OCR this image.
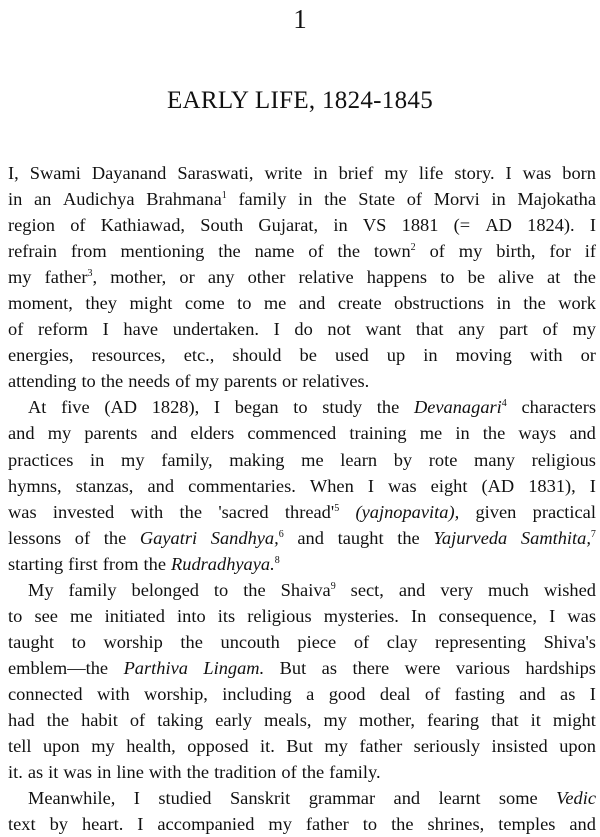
1
EARLY LIFE, 1824-1845
I, Swami Dayanand Saraswati, write in brief my life story. I was born
in an Audichya Brahmana$^1$ family in the State of Morvi in Majokatha
region of Kathiawad, South Gujarat, in VS 1881 (= AD 1824). I
refrain from mentioning the name of the town$^2$ of my birth, for if
my father$^3$, mother, or any other relative happens to be alive at the
moment, they might come to me and create obstructions in the work
of reform I have undertaken. I do not want that any part of my
energies, resources, etc., should be used up in moving with or
attending to the needs of my parents or relatives.
At five (AD 1828), I began to study the Devanagari$^4$ characters
and my parents and elders commenced training me in the ways and
practices in my family, making me learn by rote many religious
hymns, stanzas, and commentaries. When I was eight (AD 1831), I
was invested with the 'sacred $thread'^5$ (yajnopavita), given practical
lessons of the Gayatri Sandhya,$^6$ and taught the Yajurveda Samthita,$^7$
starting first from the Rudradhyaya.$^8$
My family belonged to the Shaiva$^9$ sect, and very much wished
to see me initiated into its religious mysteries. In consequence, I was
taught to worship the uncouth piece of clay representing Shiva's
emblem—the Parthiva Lingam. But as there were various hardships
connected with worship, including a good deal of fasting and as I
had the habit of taking early meals, my mother, fearing that it might
tell upon my health, opposed it. But my father seriously insisted upon
it. as it was in line with the tradition of the family.
Meanwhile, I studied Sanskrit grammar and learnt some Vedic
text by heart. I accompanied my father to the shrines, temples and
